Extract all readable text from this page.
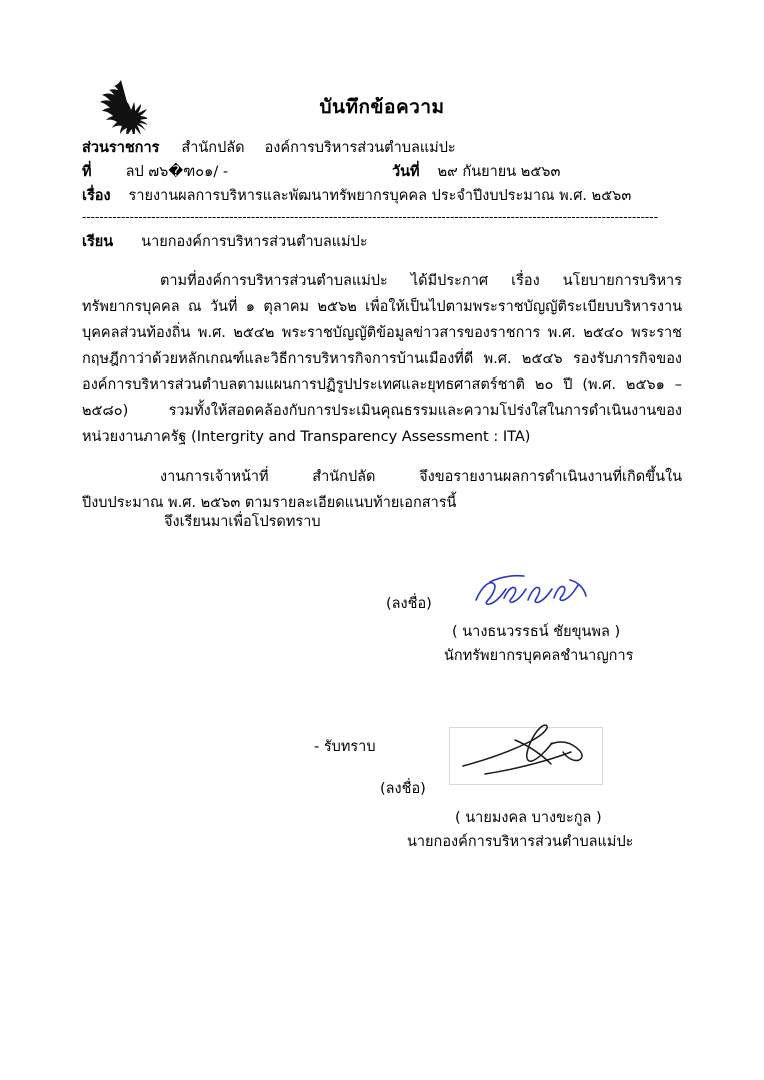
บันทึกข้อความ
ส่วนราชการ สำนักปลัด องค์การบริหารส่วนตำบลแม่ปะ
ที่ ลป ๗๖�ฑ๐๑/ -	วันที่ ๒๙ กันยายน ๒๕๖๓
เรื่อง รายงานผลการบริหารและพัฒนาทรัพยากรบุคคล ประจำปีงบประมาณ พ.ศ. ๒๕๖๓
-------------------------------------------------------------------------------------------------------------------------------------
เรียน นายกองค์การบริหารส่วนตำบลแม่ปะ

ตามที่องค์การบริหารส่วนตำบลแม่ปะ ได้มีประกาศ เรื่อง นโยบายการบริหารทรัพยากรบุคคล ณ วันที่ ๑ ตุลาคม ๒๕๖๒ เพื่อให้เป็นไปตามพระราชบัญญัติระเบียบบริหารงานบุคคลส่วนท้องถิ่น พ.ศ. ๒๕๔๒ พระราชบัญญัติข้อมูลข่าวสารของราชการ พ.ศ. ๒๕๔๐ พระราชกฤษฎีกาว่าด้วยหลักเกณฑ์และวิธีการบริหารกิจการบ้านเมืองที่ดี พ.ศ. ๒๕๔๖ รองรับภารกิจขององค์การบริหารส่วนตำบลตามแผนการปฏิรูปประเทศและยุทธศาสตร์ชาติ ๒๐ ปี (พ.ศ. ๒๕๖๑ – ๒๕๘๐) รวมทั้งให้สอดคล้องกับการประเมินคุณธรรมและความโปร่งใสในการดำเนินงานของหน่วยงานภาครัฐ (Intergrity and Transparency Assessment : ITA)

งานการเจ้าหน้าที่ สำนักปลัด จึงขอรายงานผลการดำเนินงานที่เกิดขึ้นในปีงบประมาณ พ.ศ. ๒๕๖๓ ตามรายละเอียดแนบท้ายเอกสารนี้

จึงเรียนมาเพื่อโปรดทราบ
(ลงชื่อ)
( นางธนวรรธน์ ชัยขุนพล )
นักทรัพยากรบุคคลชำนาญการ
- รับทราบ
(ลงชื่อ)
( นายมงคล บางขะกูล )
นายกองค์การบริหารส่วนตำบลแม่ปะ
